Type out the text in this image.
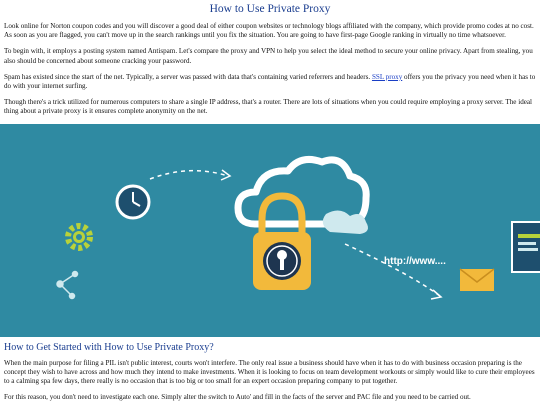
How to Use Private Proxy

Look online for Norton coupon codes and you will discover a good deal of either coupon websites or technology blogs affiliated with the company, which provide promo codes at no cost. As soon as you are flagged, you can't move up in the search rankings until you fix the situation. You are going to have first-page Google ranking in virtually no time whatsoever.

To begin with, it employs a posting system named Antispam. Let's compare the proxy and VPN to help you select the ideal method to secure your online privacy. Apart from stealing, you also should be concerned about someone cracking your password.

Spam has existed since the start of the net. Typically, a server was passed with data that's containing varied referrers and headers. SSL proxy offers you the privacy you need when it has to do with your internet surfing.

Though there's a trick utilized for numerous computers to share a single IP address, that's a router. There are lots of situations when you could require employing a proxy server. The ideal thing about a private proxy is it ensures complete anonymity on the net.

http://www....
How to Get Started with How to Use Private Proxy?

When the main purpose for filing a PIL isn't public interest, courts won't interfere. The only real issue a business should have when it has to do with business occasion preparing is the concept they wish to have across and how much they intend to make investments. When it is looking to focus on team development workouts or simply would like to cure their employees to a calming spa few days, there really is no occasion that is too big or too small for an expert occasion preparing company to put together.

For this reason, you don't need to investigate each one. Simply alter the switch to Auto' and fill in the facts of the server and PAC file and you need to be carried out.
